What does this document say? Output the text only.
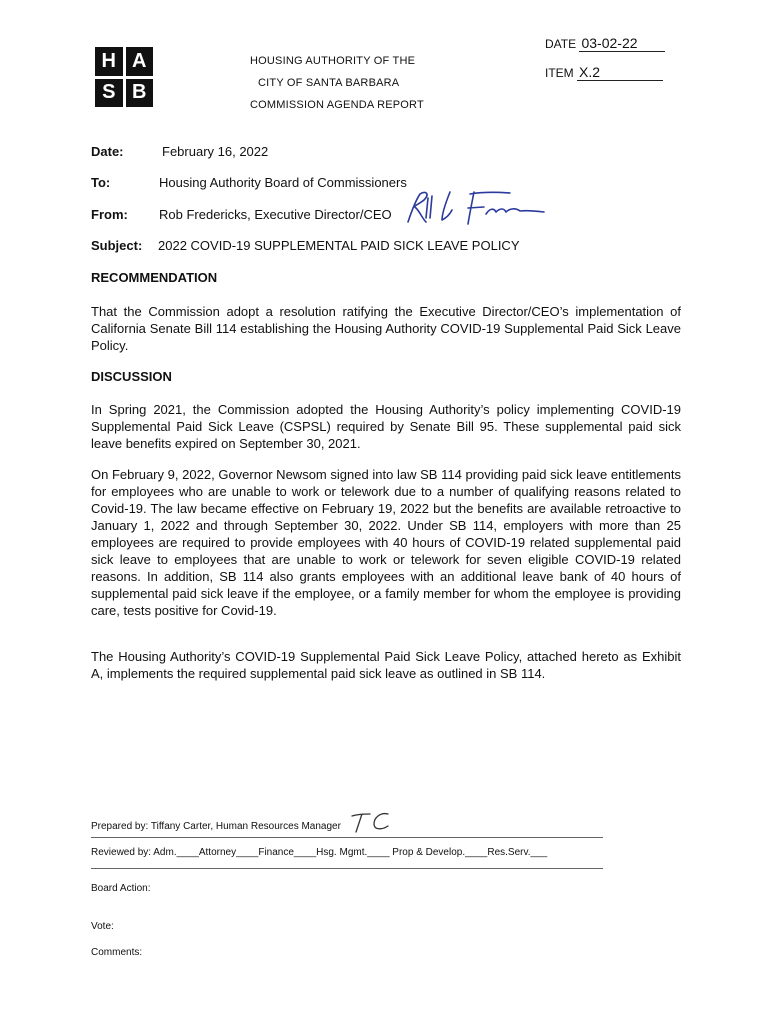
H A
S B
HOUSING AUTHORITY OF THE
CITY OF SANTA BARBARA
COMMISSION AGENDA REPORT
DATE 03-02-22
ITEM X.2
Date:	February 16, 2022
To:	Housing Authority Board of Commissioners
From: Rob Fredericks, Executive Director/CEO
Subject: 2022 COVID-19 SUPPLEMENTAL PAID SICK LEAVE POLICY
RECOMMENDATION
That the Commission adopt a resolution ratifying the Executive Director/CEO’s implementation of California Senate Bill 114 establishing the Housing Authority COVID-19 Supplemental Paid Sick Leave Policy.
DISCUSSION
In Spring 2021, the Commission adopted the Housing Authority’s policy implementing COVID-19 Supplemental Paid Sick Leave (CSPSL) required by Senate Bill 95. These supplemental paid sick leave benefits expired on September 30, 2021.
On February 9, 2022, Governor Newsom signed into law SB 114 providing paid sick leave entitlements for employees who are unable to work or telework due to a number of qualifying reasons related to Covid-19. The law became effective on February 19, 2022 but the benefits are available retroactive to January 1, 2022 and through September 30, 2022. Under SB 114, employers with more than 25 employees are required to provide employees with 40 hours of COVID-19 related supplemental paid sick leave to employees that are unable to work or telework for seven eligible COVID-19 related reasons. In addition, SB 114 also grants employees with an additional leave bank of 40 hours of supplemental paid sick leave if the employee, or a family member for whom the employee is providing care, tests positive for Covid-19.
The Housing Authority’s COVID-19 Supplemental Paid Sick Leave Policy, attached hereto as Exhibit A, implements the required supplemental paid sick leave as outlined in SB 114.
Prepared by: Tiffany Carter, Human Resources Manager
Reviewed by: Adm.____Attorney____Finance____Hsg. Mgmt.____ Prop & Develop.____Res.Serv.___
Board Action:
Vote:
Comments:
